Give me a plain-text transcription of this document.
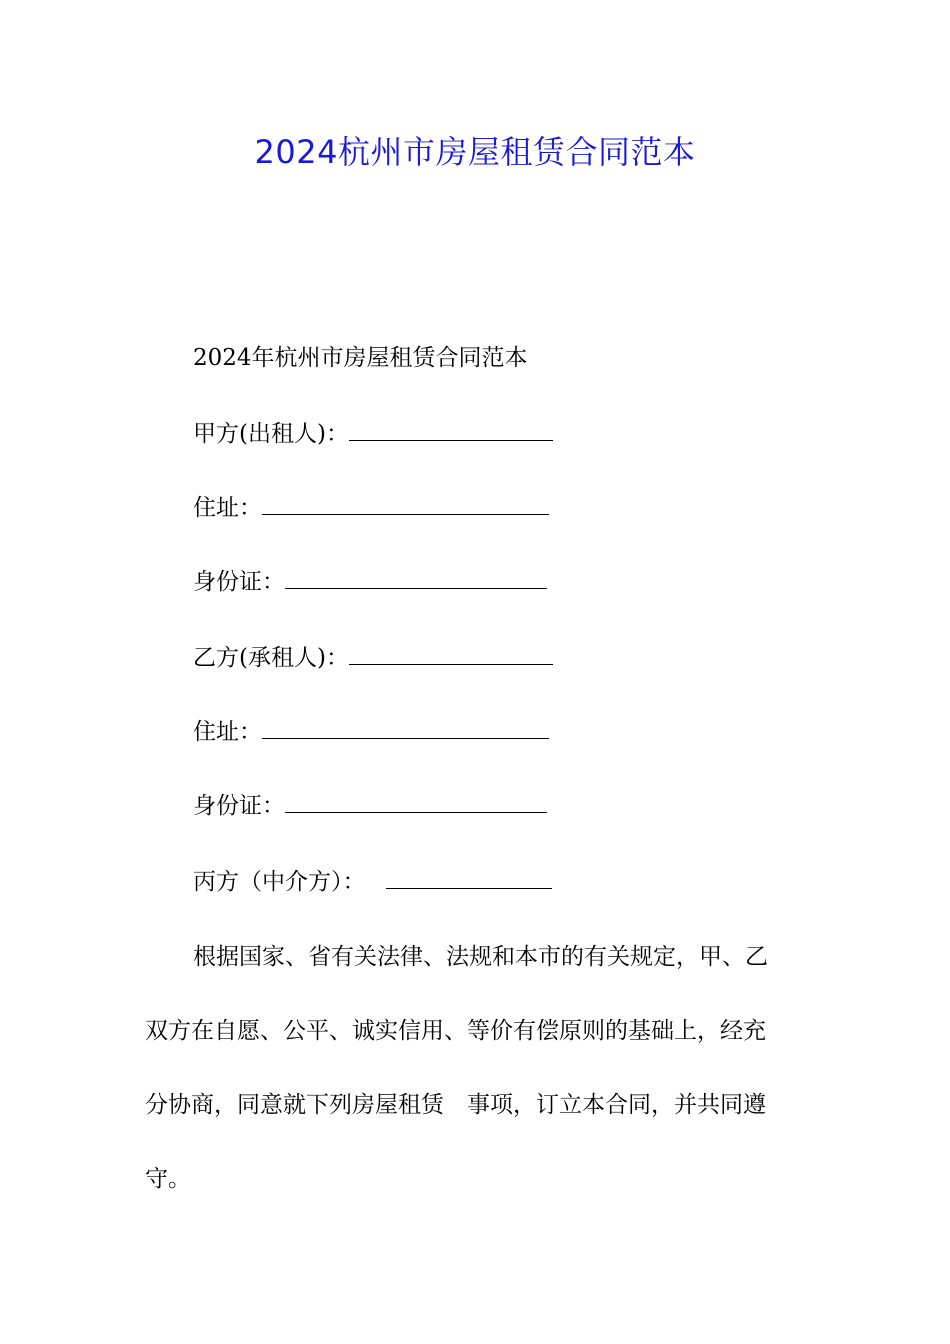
2024杭州市房屋租赁合同范本
2024年杭州市房屋租赁合同范本
甲方(出租人)：
住址：
身份证：
乙方(承租人)：
住址：
身份证：
丙方（中介方）：
根据国家、省有关法律、法规和本市的有关规定，甲、乙
双方在自愿、公平、诚实信用、等价有偿原则的基础上，经充
分协商，同意就下列房屋租赁　事项，订立本合同，并共同遵
守。
